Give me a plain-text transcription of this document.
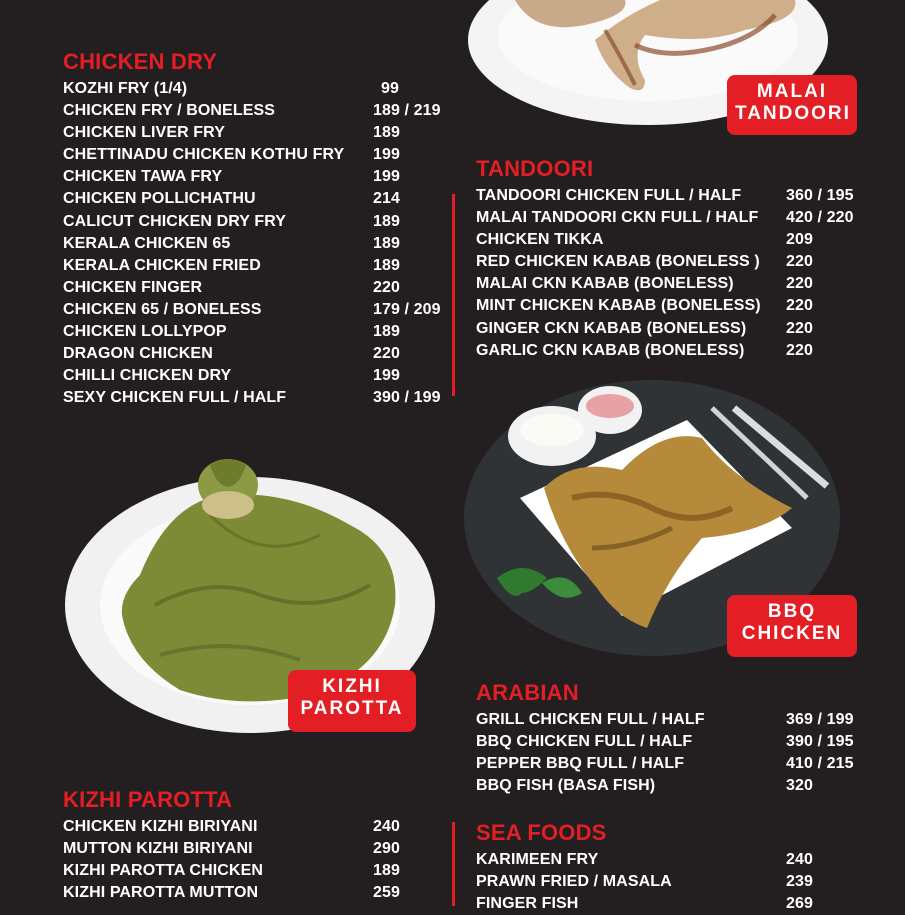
MALAI
TANDOORI
BBQ
CHICKEN
KIZHI
PAROTTA
CHICKEN DRY
KOZHI FRY (1/4)	99
CHICKEN FRY / BONELESS	189 / 219
CHICKEN LIVER FRY	189
CHETTINADU CHICKEN KOTHU FRY 199
CHICKEN TAWA FRY	199
CHICKEN POLLICHATHU	214
CALICUT CHICKEN DRY FRY	189
KERALA CHICKEN 65	189
KERALA CHICKEN FRIED	189
CHICKEN FINGER	220
CHICKEN 65 / BONELESS	179 / 209
CHICKEN LOLLYPOP	189
DRAGON CHICKEN	220
CHILLI CHICKEN DRY	199
SEXY CHICKEN FULL / HALF	390 / 199
TANDOORI
TANDOORI CHICKEN FULL / HALF	360 / 195
MALAI TANDOORI CKN FULL / HALF 420 / 220
CHICKEN TIKKA	209
RED CHICKEN KABAB (BONELESS ) 220
MALAI CKN KABAB (BONELESS)	220
MINT CHICKEN KABAB (BONELESS) 220
GINGER CKN KABAB (BONELESS) 220
GARLIC CKN KABAB (BONELESS)	220
ARABIAN
GRILL CHICKEN FULL / HALF	369 / 199
BBQ CHICKEN FULL / HALF	390 / 195
PEPPER BBQ FULL / HALF	410 / 215
BBQ FISH (BASA FISH)	320
KIZHI PAROTTA
CHICKEN KIZHI BIRIYANI	240
MUTTON KIZHI BIRIYANI	290
KIZHI PAROTTA CHICKEN	189
KIZHI PAROTTA MUTTON	259
SEA FOODS
KARIMEEN FRY	240
PRAWN FRIED / MASALA	239
FINGER FISH	269
